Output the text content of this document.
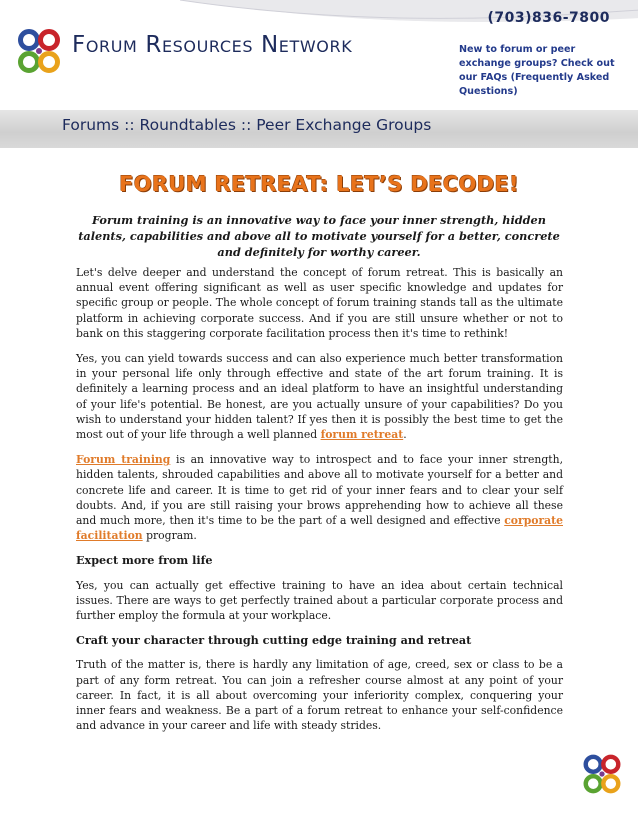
(703)836-7800
Forum Resources Network	New to forum or peer exchange groups? Check out our FAQs (Frequently Asked Questions)
Forums :: Roundtables :: Peer Exchange Groups
FORUM RETREAT: LET’S DECODE!

Forum training is an innovative way to face your inner strength, hidden talents, capabilities and above all to motivate yourself for a better, concrete and definitely for worthy career.

Let's delve deeper and understand the concept of forum retreat. This is basically an annual event offering significant as well as user specific knowledge and updates for specific group or people. The whole concept of forum training stands tall as the ultimate platform in achieving corporate success. And if you are still unsure whether or not to bank on this staggering corporate facilitation process then it's time to rethink!

Yes, you can yield towards success and can also experience much better transformation in your personal life only through effective and state of the art forum training. It is definitely a learning process and an ideal platform to have an insightful understanding of your life's potential. Be honest, are you actually unsure of your capabilities? Do you wish to understand your hidden talent? If yes then it is possibly the best time to get the most out of your life through a well planned forum retreat.

Forum training is an innovative way to introspect and to face your inner strength, hidden talents, shrouded capabilities and above all to motivate yourself for a better and concrete life and career. It is time to get rid of your inner fears and to clear your self doubts. And, if you are still raising your brows apprehending how to achieve all these and much more, then it's time to be the part of a well designed and effective corporate facilitation program.

Expect more from life

Yes, you can actually get effective training to have an idea about certain technical issues. There are ways to get perfectly trained about a particular corporate process and further employ the formula at your workplace.

Craft your character through cutting edge training and retreat

Truth of the matter is, there is hardly any limitation of age, creed, sex or class to be a part of any form retreat. You can join a refresher course almost at any point of your career. In fact, it is all about overcoming your inferiority complex, conquering your inner fears and weakness. Be a part of a forum retreat to enhance your self-confidence and advance in your career and life with steady strides.
